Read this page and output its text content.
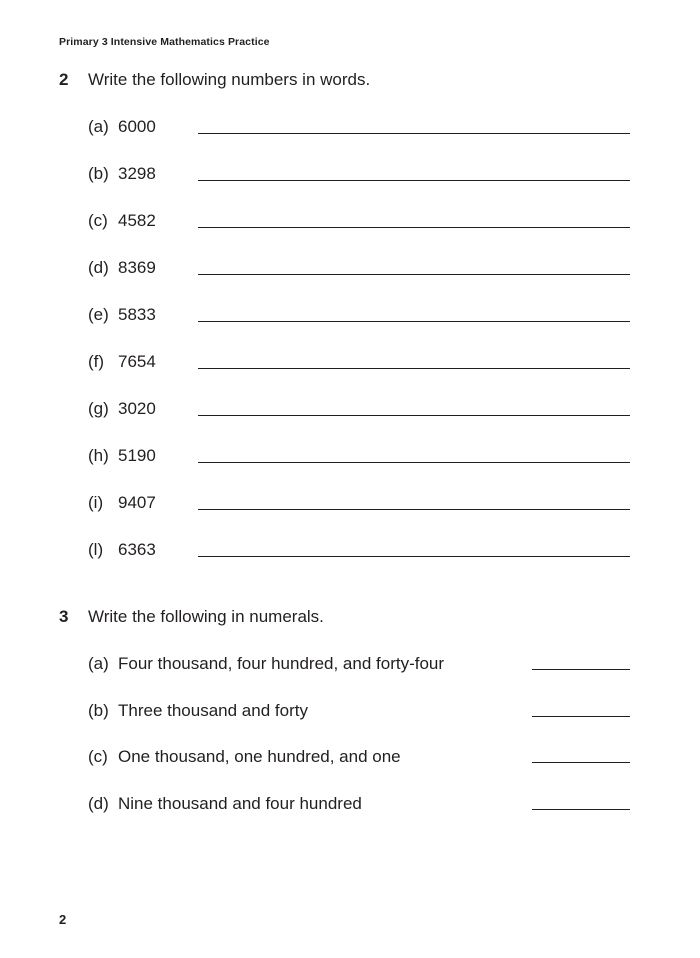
Primary 3 Intensive Mathematics Practice
2 Write the following numbers in words.
(a) 6000
(b) 3298
(c) 4582
(d) 8369
(e) 5833
(f) 7654
(g) 3020
(h) 5190
(i) 9407
(l) 6363
3 Write the following in numerals.
(a) Four thousand, four hundred, and forty-four
(b) Three thousand and forty
(c) One thousand, one hundred, and one
(d) Nine thousand and four hundred
2
